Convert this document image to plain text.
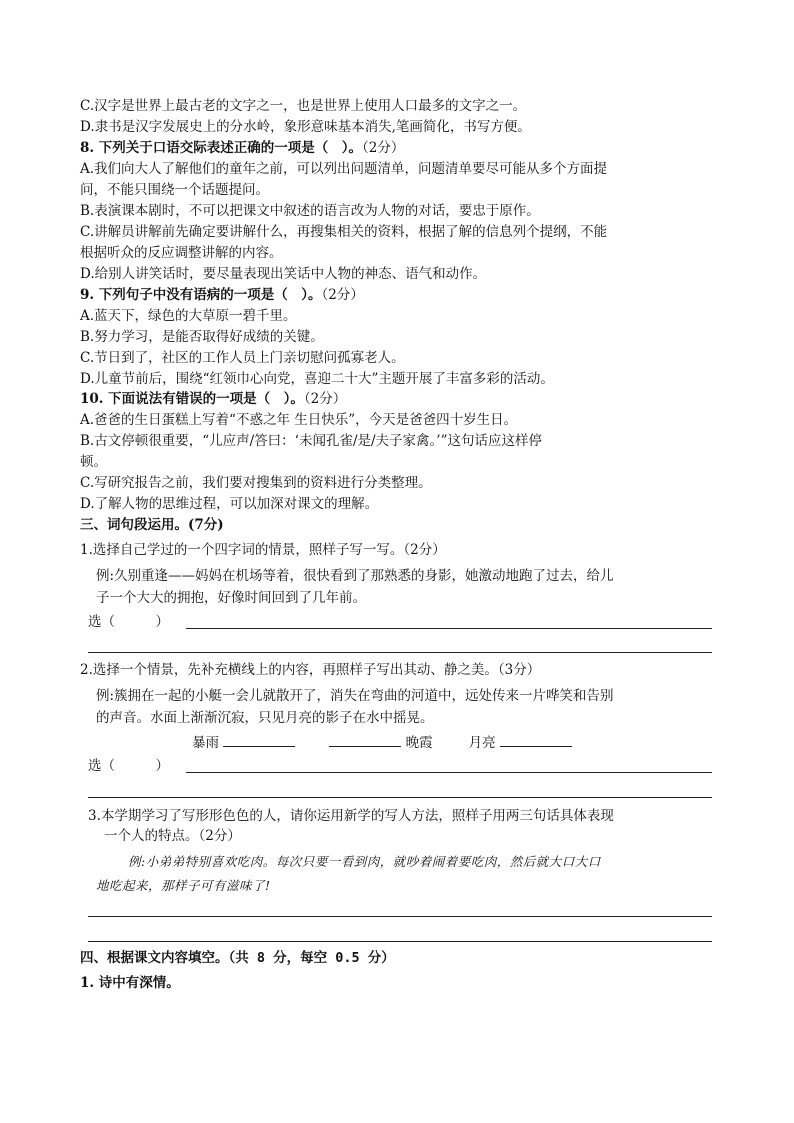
C.汉字是世界上最古老的文字之一，也是世界上使用人口最多的文字之一。
D.隶书是汉字发展史上的分水岭，象形意味基本消失,笔画简化，书写方便。
8. 下列关于口语交际表述正确的一项是（　）。（2分）
A.我们向大人了解他们的童年之前，可以列出问题清单，问题清单要尽可能从多个方面提
问，不能只围绕一个话题提问。
B.表演课本剧时，不可以把课文中叙述的语言改为人物的对话，要忠于原作。
C.讲解员讲解前先确定要讲解什么，再搜集相关的资料，根据了解的信息列个提纲，不能
根据听众的反应调整讲解的内容。
D.给别人讲笑话时，要尽量表现出笑话中人物的神态、语气和动作。
9. 下列句子中没有语病的一项是（　）。（2分）
A.蓝天下，绿色的大草原一碧千里。
B.努力学习，是能否取得好成绩的关键。
C.节日到了，社区的工作人员上门亲切慰问孤寡老人。
D.儿童节前后，围绕“红领巾心向党，喜迎二十大”主题开展了丰富多彩的活动。
10. 下面说法有错误的一项是（　）。（2分）
A.爸爸的生日蛋糕上写着“不惑之年 生日快乐”，今天是爸爸四十岁生日。
B.古文停顿很重要，“儿应声/答曰：‘未闻孔雀/是/夫子家禽。’”这句话应这样停
顿。
C.写研究报告之前，我们要对搜集到的资料进行分类整理。
D.了解人物的思维过程，可以加深对课文的理解。
三、词句段运用。(7分)
1.选择自己学过的一个四字词的情景，照样子写一写。（2分）
例:久别重逢——妈妈在机场等着，很快看到了那熟悉的身影，她激动地跑了过去，给儿
子一个大大的拥抱，好像时间回到了几年前。
选（　　　）
2.选择一个情景，先补充横线上的内容，再照样子写出其动、静之美。（3分）
例:簇拥在一起的小艇一会儿就散开了，消失在弯曲的河道中，远处传来一片哗笑和告别
的声音。水面上渐渐沉寂，只见月亮的影子在水中摇晃。
暴雨	晚霞	月亮
选（　　　）
3.本学期学习了写形形色色的人，请你运用新学的写人方法，照样子用两三句话具体表现
一个人的特点。（2分）
例:小弟弟特别喜欢吃肉。每次只要一看到肉，就吵着闹着要吃肉，然后就大口大口
地吃起来，那样子可有滋味了!
四、根据课文内容填空。（共 8 分，每空 0.5 分）
1. 诗中有深情。
